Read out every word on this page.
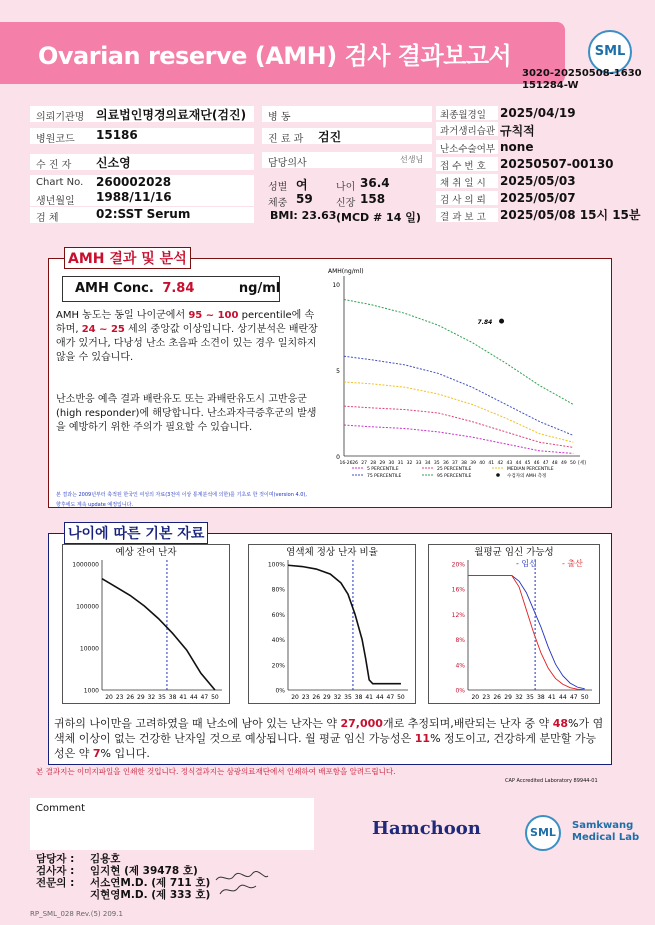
Ovarian reserve (AMH) 검사 결과보고서	SML
3020-20250508-1630
151284-W
의뢰기관명 의료법인명경의료재단(검진)
병원코드 15186
수 진 자 신소영
Chart No. 260002028
생년월일 1988/11/16
검 체	02:SST Serum
병 동
진 료 과 검진
담당의사	선생님
성별 여	나이 36.4
체중 59 신장 158
BMI: 23.63 (MCD # 14 일)
최종월경일 2025/04/19
과거생리습관 규칙적
난소수술여부 none
접 수 번 호 20250507-00130
채 취 일 시 2025/05/03
검 사 의 뢰 2025/05/07
결 과 보 고 2025/05/08 15시 15분
AMH 결과 및 분석
AMH Conc. 7.84	ng/ml
AMH 농도는 동일 나이군에서 95 ~ 100 percentile에 속하며, 24 ~ 25 세의 중앙값 이상입니다. 상기분석은 배란장애가 있거나, 다낭성 난소 초음파 소견이 있는 경우 일치하지 않을 수 있습니다.
난소반응 예측 결과 배란유도 또는 과배란유도시 고반응군 (high responder)에 해당합니다. 난소과자극증후군의 발생을 예방하기 위한 주의가 필요할 수 있습니다.
본 결과는 2009년부터 축적된 한국인 여성의 자료(3천여 이상 통계분석에 의한)를 기초로 한 것이며(version 4.0),
향후에도 계속 update 예정입니다.
AMH(ng/ml)
10
5
0
16-26 26 27 28 29 30 31 32 33 34 35 36 37 38 39 40 41 42 43 44 45 46 47 48 49 50 [세]
7.84
5 PERCENTILE	25 PERCENTILE	MEDIAN PERCENTILE
75 PERCENTILE	95 PERCENTILE	수검자의 AMH 측정
나이에 따른 기본 자료
예상 잔여 난자
1000000
100000
10000
1000
20 23 26 29 32 35 38 41 44 47 50
염색체 정상 난자 비율
100%
80%
60%
40%
20%
0%
20 23 26 29 32 35 38 41 44 47 50
월평균 임신 가능성
20%
16%
12%
8%
4%
0%
20 23 26 29 32 35 38 41 44 47 50
- 임신	- 출산
귀하의 나이만을 고려하였을 때 난소에 남아 있는 난자는 약 27,000개로 추정되며,배란되는 난자 중 약 48%가 염색체 이상이 없는 건강한 난자일 것으로 예상됩니다. 월 평균 임신 가능성은 11% 정도이고, 건강하게 분만할 가능성은 약 7% 입니다.
본 결과지는 이미지파일을 인쇄한 것입니다. 정식결과지는 삼광의료재단에서 인쇄하여 배포함을 알려드립니다.
CAP Accredited Laboratory 89944-01
Comment
담당자 : 김용호
검사자 : 임지현 (제 39478 호)
전문의 : 서소연M.D. (제 711 호)
지현영M.D. (제 333 호)
Hamchoon	SML
Samkwang
Medical Lab
RP_SML_028 Rev.(5) 209.1
